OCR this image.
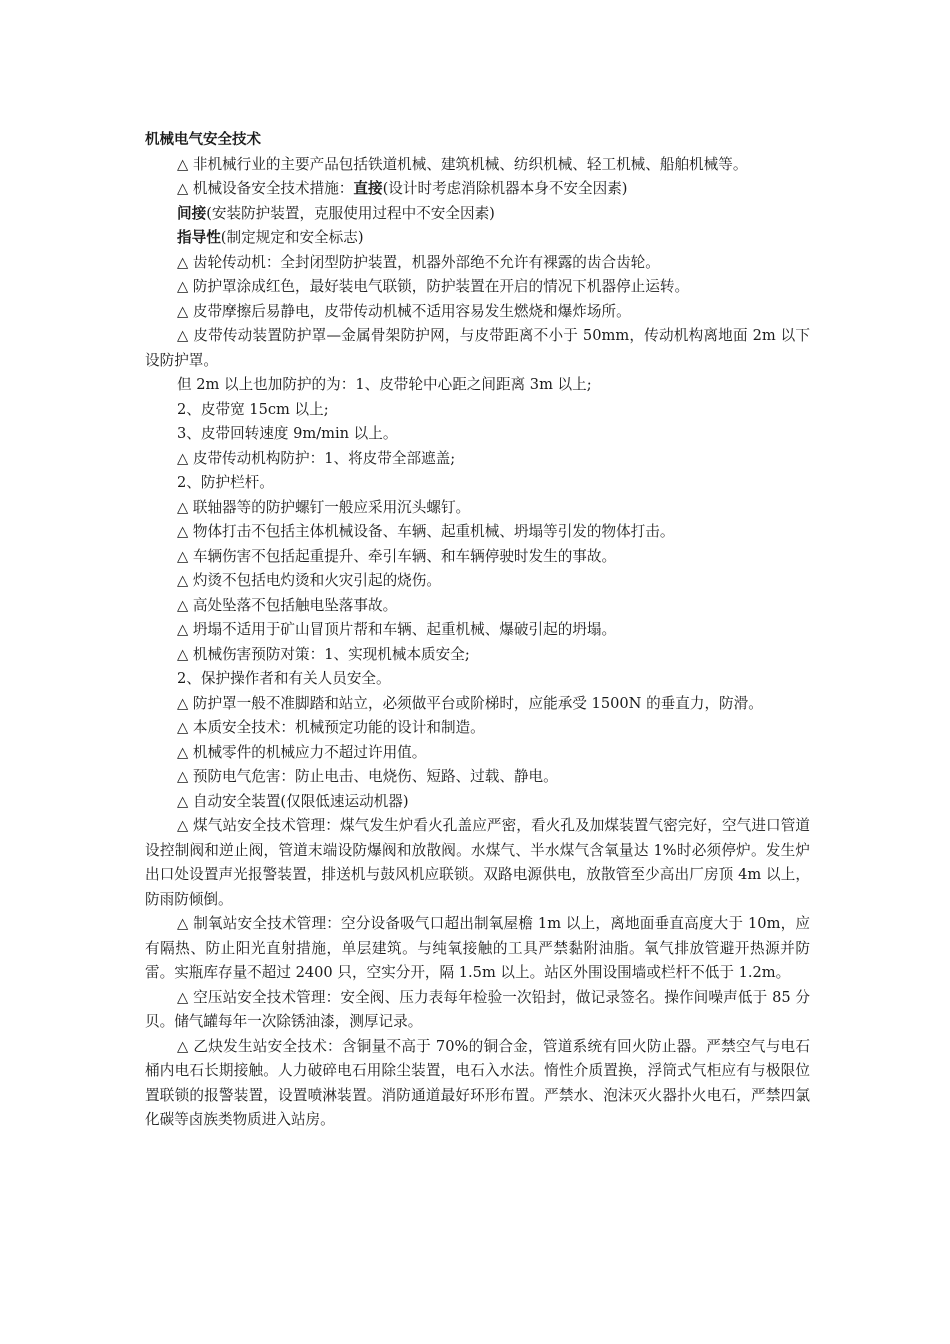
机械电气安全技术

△ 非机械行业的主要产品包括铁道机械、建筑机械、纺织机械、轻工机械、船舶机械等。

△ 机械设备安全技术措施：直接(设计时考虑消除机器本身不安全因素)

间接(安装防护装置，克服使用过程中不安全因素)

指导性(制定规定和安全标志)

△ 齿轮传动机：全封闭型防护装置，机器外部绝不允许有裸露的齿合齿轮。

△ 防护罩涂成红色，最好装电气联锁，防护装置在开启的情况下机器停止运转。

△ 皮带摩擦后易静电，皮带传动机械不适用容易发生燃烧和爆炸场所。

△ 皮带传动装置防护罩—金属骨架防护网，与皮带距离不小于 50mm，传动机构离地面 2m 以下设防护罩。

但 2m 以上也加防护的为：1、皮带轮中心距之间距离 3m 以上;

2、皮带宽 15cm 以上;

3、皮带回转速度 9m/min 以上。

△ 皮带传动机构防护：1、将皮带全部遮盖;

2、防护栏杆。

△ 联轴器等的防护螺钉一般应采用沉头螺钉。

△ 物体打击不包括主体机械设备、车辆、起重机械、坍塌等引发的物体打击。

△ 车辆伤害不包括起重提升、牵引车辆、和车辆停驶时发生的事故。

△ 灼烫不包括电灼烫和火灾引起的烧伤。

△ 高处坠落不包括触电坠落事故。

△ 坍塌不适用于矿山冒顶片帮和车辆、起重机械、爆破引起的坍塌。

△ 机械伤害预防对策：1、实现机械本质安全;

2、保护操作者和有关人员安全。

△ 防护罩一般不准脚踏和站立，必须做平台或阶梯时，应能承受 1500N 的垂直力，防滑。

△ 本质安全技术：机械预定功能的设计和制造。

△ 机械零件的机械应力不超过许用值。

△ 预防电气危害：防止电击、电烧伤、短路、过载、静电。

△ 自动安全装置(仅限低速运动机器)

△ 煤气站安全技术管理：煤气发生炉看火孔盖应严密，看火孔及加煤装置气密完好，空气进口管道设控制阀和逆止阀，管道末端设防爆阀和放散阀。水煤气、半水煤气含氧量达 1%时必须停炉。发生炉出口处设置声光报警装置，排送机与鼓风机应联锁。双路电源供电，放散管至少高出厂房顶 4m 以上，防雨防倾倒。

△ 制氧站安全技术管理：空分设备吸气口超出制氧屋檐 1m 以上，离地面垂直高度大于 10m，应有隔热、防止阳光直射措施，单层建筑。与纯氧接触的工具严禁黏附油脂。氧气排放管避开热源并防雷。实瓶库存量不超过 2400 只，空实分开，隔 1.5m 以上。站区外围设围墙或栏杆不低于 1.2m。

△ 空压站安全技术管理：安全阀、压力表每年检验一次铅封，做记录签名。操作间噪声低于 85 分贝。储气罐每年一次除锈油漆，测厚记录。

△ 乙炔发生站安全技术：含铜量不高于 70%的铜合金，管道系统有回火防止器。严禁空气与电石桶内电石长期接触。人力破碎电石用除尘装置，电石入水法。惰性介质置换，浮筒式气柜应有与极限位置联锁的报警装置，设置喷淋装置。消防通道最好环形布置。严禁水、泡沫灭火器扑火电石，严禁四氯化碳等卤族类物质进入站房。
